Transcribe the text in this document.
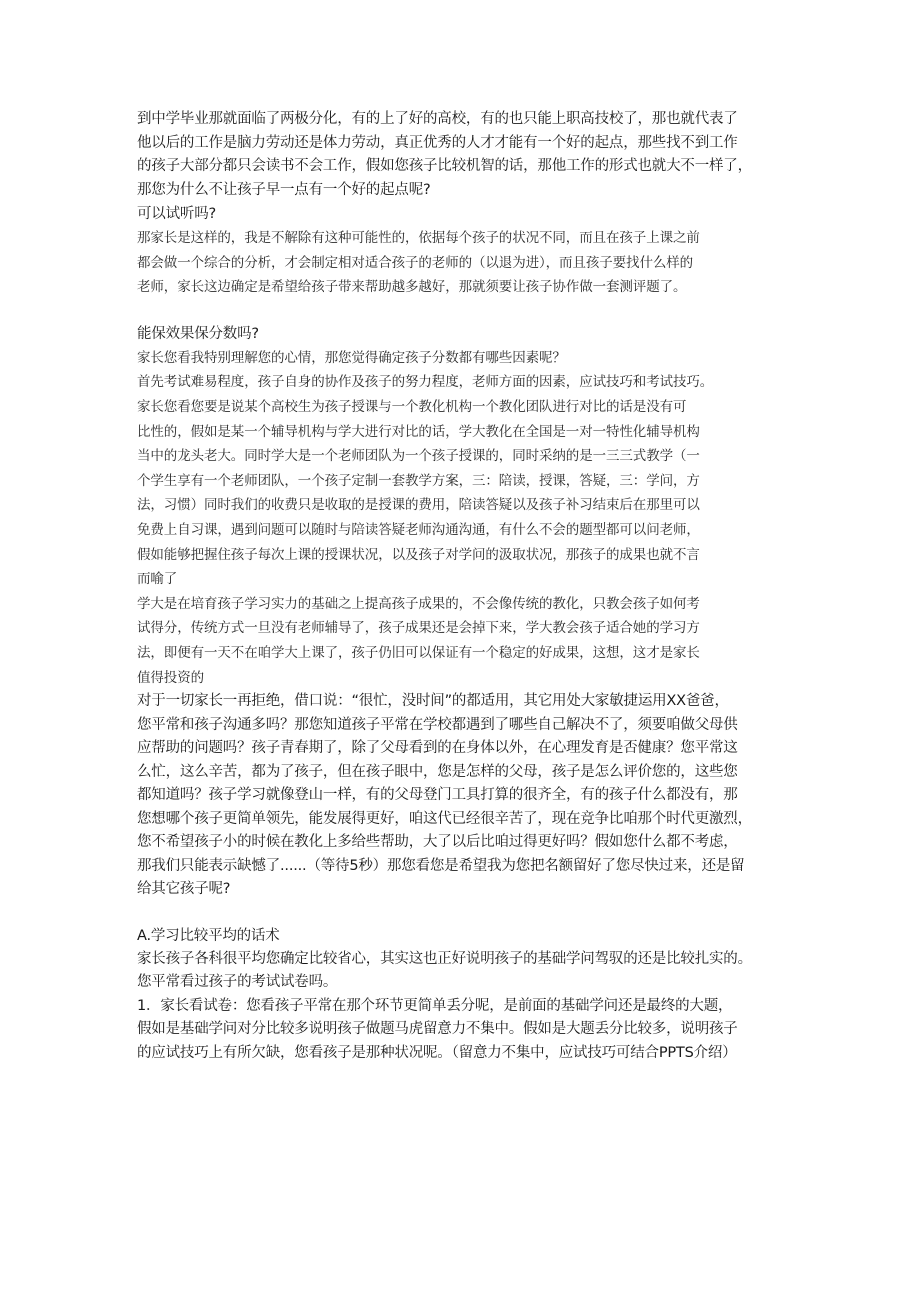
到中学毕业那就面临了两极分化，有的上了好的高校，有的也只能上职高技校了，那也就代表了
他以后的工作是脑力劳动还是体力劳动，真正优秀的人才才能有一个好的起点，那些找不到工作
的孩子大部分都只会读书不会工作，假如您孩子比较机智的话，那他工作的形式也就大不一样了，
那您为什么不让孩子早一点有一个好的起点呢?
可以试听吗?
那家长是这样的，我是不解除有这种可能性的，依据每个孩子的状况不同，而且在孩子上课之前
都会做一个综合的分析，才会制定相对适合孩子的老师的（以退为进），而且孩子要找什么样的
老师，家长这边确定是希望给孩子带来帮助越多越好，那就须要让孩子协作做一套测评题了。
能保效果保分数吗?
家长您看我特别理解您的心情，那您觉得确定孩子分数都有哪些因素呢？
首先考试难易程度，孩子自身的协作及孩子的努力程度，老师方面的因素，应试技巧和考试技巧。
家长您看您要是说某个高校生为孩子授课与一个教化机构一个教化团队进行对比的话是没有可
比性的，假如是某一个辅导机构与学大进行对比的话，学大教化在全国是一对一特性化辅导机构
当中的龙头老大。同时学大是一个老师团队为一个孩子授课的，同时采纳的是一三三式教学（一
个学生享有一个老师团队，一个孩子定制一套教学方案，三：陪读，授课，答疑，三：学问，方
法，习惯）同时我们的收费只是收取的是授课的费用，陪读答疑以及孩子补习结束后在那里可以
免费上自习课，遇到问题可以随时与陪读答疑老师沟通沟通，有什么不会的题型都可以问老师，
假如能够把握住孩子每次上课的授课状况，以及孩子对学问的汲取状况，那孩子的成果也就不言
而喻了
学大是在培育孩子学习实力的基础之上提高孩子成果的，不会像传统的教化，只教会孩子如何考
试得分，传统方式一旦没有老师辅导了，孩子成果还是会掉下来，学大教会孩子适合她的学习方
法，即便有一天不在咱学大上课了，孩子仍旧可以保证有一个稳定的好成果，这想，这才是家长
值得投资的
对于一切家长一再拒绝，借口说：“很忙，没时间”的都适用，其它用处大家敏捷运用XX爸爸，
您平常和孩子沟通多吗？那您知道孩子平常在学校都遇到了哪些自己解决不了，须要咱做父母供
应帮助的问题吗？孩子青春期了，除了父母看到的在身体以外，在心理发育是否健康？您平常这
么忙，这么辛苦，都为了孩子，但在孩子眼中，您是怎样的父母，孩子是怎么评价您的，这些您
都知道吗？孩子学习就像登山一样，有的父母登门工具打算的很齐全，有的孩子什么都没有，那
您想哪个孩子更简单领先，能发展得更好，咱这代已经很辛苦了，现在竞争比咱那个时代更激烈，
您不希望孩子小的时候在教化上多给些帮助，大了以后比咱过得更好吗？假如您什么都不考虑，
那我们只能表示缺憾了......（等待5秒）那您看您是希望我为您把名额留好了您尽快过来，还是留
给其它孩子呢?
A.学习比较平均的话术
家长孩子各科很平均您确定比较省心，其实这也正好说明孩子的基础学问驾驭的还是比较扎实的。
您平常看过孩子的考试试卷吗。
1．家长看试卷：您看孩子平常在那个环节更简单丢分呢，是前面的基础学问还是最终的大题，
假如是基础学问对分比较多说明孩子做题马虎留意力不集中。假如是大题丢分比较多，说明孩子
的应试技巧上有所欠缺，您看孩子是那种状况呢。（留意力不集中，应试技巧可结合PPTS介绍）
